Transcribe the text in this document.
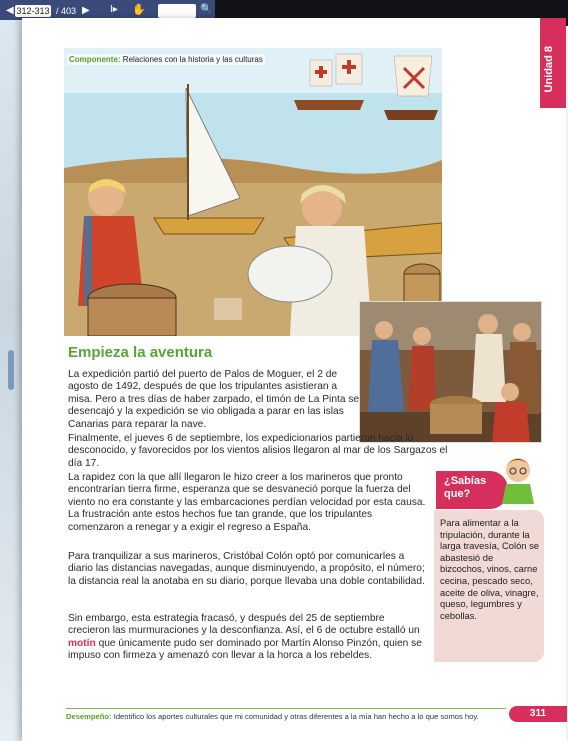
◀ 312-313 / 403 ▶ I▸ ✋	🔍
Unidad 8
Componente: Relaciones con la historia y las culturas
Empieza la aventura

La expedición partió del puerto de Palos de Moguer, el 2 de agosto de 1492, después de que los tripulantes asistieran a misa. Pero a tres días de haber zarpado, el timón de La Pinta se desencajó y la expedición se vio obligada a parar en las islas Canarias para reparar la nave.

Finalmente, el jueves 6 de septiembre, los expedicionarios partieron hacia lo desconocido, y favorecidos por los vientos alisios llegaron al mar de los Sargazos el día 17.

La rapidez con la que allí llegaron le hizo creer a los marineros que pronto encontrarían tierra firme, esperanza que se desvaneció porque la fuerza del viento no era constante y las embarcaciones perdían velocidad por esta causa. La frustración ante estos hechos fue tan grande, que los tripulantes comenzaron a renegar y a exigir el regreso a España.

Para tranquilizar a sus marineros, Cristóbal Colón optó por comunicarles a diario las distancias navegadas, aunque disminuyendo, a propósito, el número; la distancia real la anotaba en su diario, porque llevaba una doble contabilidad.

Sin embargo, esta estrategia fracasó, y después del 25 de septiembre crecieron las murmuraciones y la desconfianza. Así, el 6 de octubre estalló un motín que únicamente pudo ser dominado por Martín Alonso Pinzón, quien se impuso con firmeza y amenazó con llevar a la horca a los rebeldes.

¿Sabías que?

Para alimentar a la tripulación, durante la larga travesía, Colón se abastesió de bizcochos, vinos, carne cecina, pescado seco, aceite de oliva, vinagre, queso, legumbres y cebollas.

Desempeño: Identifico los aportes culturales que mi comunidad y otras diferentes a la mía han hecho a lo que somos hoy.	311
